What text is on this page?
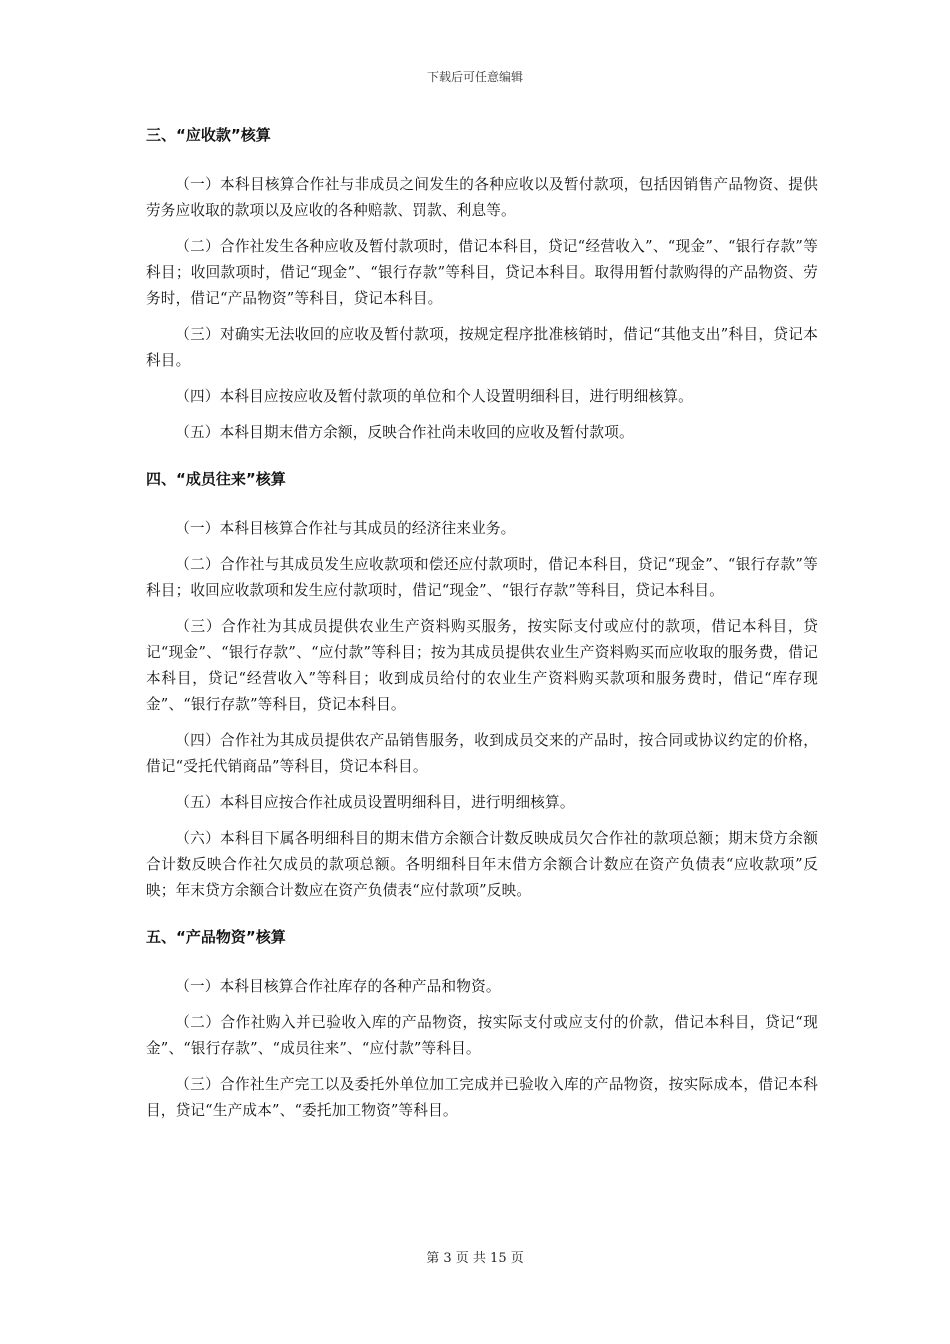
下载后可任意编辑

三、“应收款”核算

（一）本科目核算合作社与非成员之间发生的各种应收以及暂付款项，包括因销售产品物资、提供劳务应收取的款项以及应收的各种赔款、罚款、利息等。

（二）合作社发生各种应收及暂付款项时，借记本科目，贷记“经营收入”、“现金”、“银行存款”等科目；收回款项时，借记“现金”、“银行存款”等科目，贷记本科目。取得用暂付款购得的产品物资、劳务时，借记“产品物资”等科目，贷记本科目。

（三）对确实无法收回的应收及暂付款项，按规定程序批准核销时，借记“其他支出”科目，贷记本科目。

（四）本科目应按应收及暂付款项的单位和个人设置明细科目，进行明细核算。

（五）本科目期末借方余额，反映合作社尚未收回的应收及暂付款项。

四、“成员往来”核算

（一）本科目核算合作社与其成员的经济往来业务。

（二）合作社与其成员发生应收款项和偿还应付款项时，借记本科目，贷记“现金”、“银行存款”等科目；收回应收款项和发生应付款项时，借记“现金”、“银行存款”等科目，贷记本科目。

（三）合作社为其成员提供农业生产资料购买服务，按实际支付或应付的款项，借记本科目，贷记“现金”、“银行存款”、“应付款”等科目；按为其成员提供农业生产资料购买而应收取的服务费，借记本科目，贷记“经营收入”等科目；收到成员给付的农业生产资料购买款项和服务费时，借记“库存现金”、“银行存款”等科目，贷记本科目。

（四）合作社为其成员提供农产品销售服务，收到成员交来的产品时，按合同或协议约定的价格，借记“受托代销商品”等科目，贷记本科目。

（五）本科目应按合作社成员设置明细科目，进行明细核算。

（六）本科目下属各明细科目的期末借方余额合计数反映成员欠合作社的款项总额；期末贷方余额合计数反映合作社欠成员的款项总额。各明细科目年末借方余额合计数应在资产负债表“应收款项”反映；年末贷方余额合计数应在资产负债表“应付款项”反映。

五、“产品物资”核算

（一）本科目核算合作社库存的各种产品和物资。

（二）合作社购入并已验收入库的产品物资，按实际支付或应支付的价款，借记本科目，贷记“现金”、“银行存款”、“成员往来”、“应付款”等科目。

（三）合作社生产完工以及委托外单位加工完成并已验收入库的产品物资，按实际成本，借记本科目，贷记“生产成本”、“委托加工物资”等科目。

第 3 页 共 15 页
